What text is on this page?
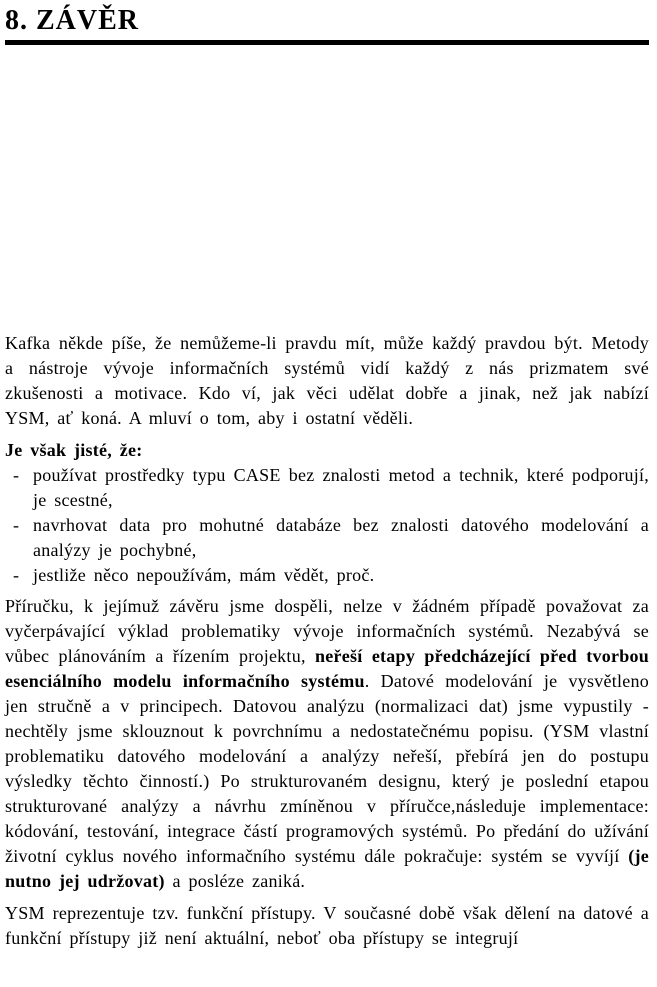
8. ZÁVĚR

Kafka někde píše, že nemůžeme-li pravdu mít, může každý pravdou být. Metody a nástroje vývoje informačních systémů vidí každý z nás prizmatem své zkušenosti a motivace. Kdo ví, jak věci udělat dobře a jinak, než jak nabízí YSM, ať koná. A mluví o tom, aby i ostatní věděli.

Je však jisté, že:

- používat prostředky typu CASE bez znalosti metod a technik, které podporují, je scestné,
- navrhovat data pro mohutné databáze bez znalosti datového modelování a analýzy je pochybné,
- jestliže něco nepoužívám, mám vědět, proč.

Příručku, k jejímuž závěru jsme dospěli, nelze v žádném případě považovat za vyčerpávající výklad problematiky vývoje informačních systémů. Nezabývá se vůbec plánováním a řízením projektu, neřeší etapy předcházející před tvorbou esenciálního modelu informačního systému. Datové modelování je vysvětleno jen stručně a v principech. Datovou analýzu (normalizaci dat) jsme vypustily - nechtěly jsme sklouznout k povrchnímu a nedostatečnému popisu. (YSM vlastní problematiku datového modelování a analýzy neřeší, přebírá jen do postupu výsledky těchto činností.) Po strukturovaném designu, který je poslední etapou strukturované analýzy a návrhu zmíněnou v příručce,následuje implementace: kódování, testování, integrace částí programových systémů. Po předání do užívání životní cyklus nového informačního systému dále pokračuje: systém se vyvíjí (je nutno jej udržovat) a posléze zaniká.

YSM reprezentuje tzv. funkční přístupy. V současné době však dělení na datové a funkční přístupy již není aktuální, neboť oba přístupy se integrují
